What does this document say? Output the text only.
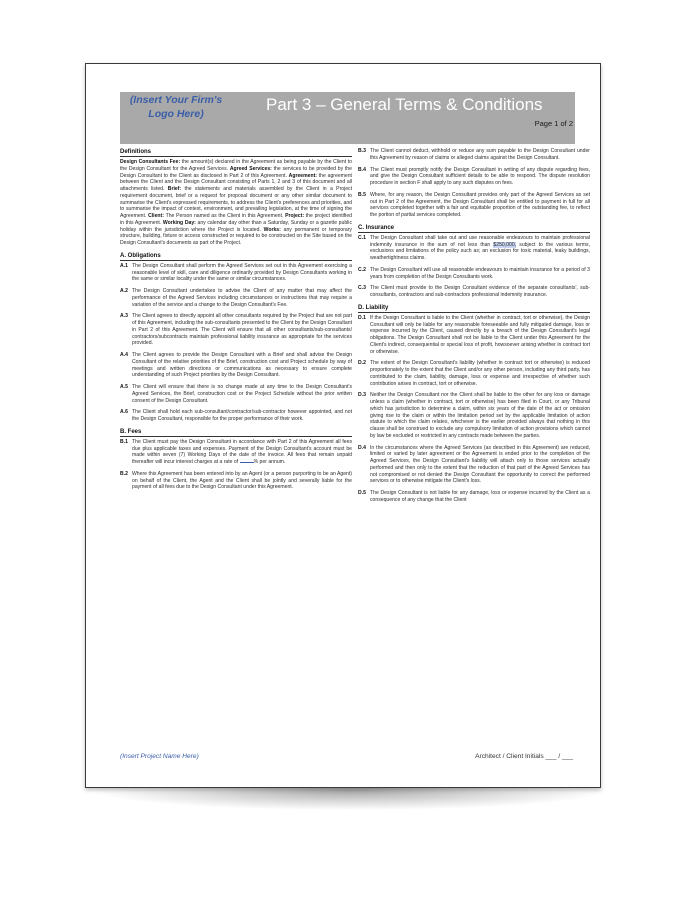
(Insert Your Firm's Logo Here)	Part 3 – General Terms & Conditions
Page 1 of 2
Definitions

Design Consultants Fee: the amount(s) declared in the Agreement as being payable by the Client to the Design Consultant for the Agreed Services. Agreed Services: the services to be provided by the Design Consultant to the Client as disclosed in Part 2 of this Agreement. Agreement: the agreement between the Client and the Design Consultant consisting of Parts 1, 2 and 3 of this document and all attachments listed. Brief: the statements and materials assembled by the Client in a Project requirement document, brief or a request for proposal document or any other similar document to summarise the Client's expressed requirements, to address the Client's preferences and priorities, and to summarise the impact of context, environment, and prevailing legislation, at the time of signing the Agreement. Client: The Person named as the Client in this Agreement. Project: the project identified in this Agreement. Working Day: any calendar day other than a Saturday, Sunday or a gazette public holiday within the jurisdiction where the Project is located. Works: any permanent or temporary structure, building, fixture or access constructed or required to be constructed on the Site based on the Design Consultant's documents as part of the Project.

A. Obligations
A.1 The Design Consultant shall perform the Agreed Services set out in this Agreement exercising a reasonable level of skill, care and diligence ordinarily provided by Design Consultants working in the same or similar locality under the same or similar circumstances.
A.2 The Design Consultant undertakes to advise the Client of any matter that may affect the performance of the Agreed Services including circumstances or instructions that may require a variation of the service and a change to the Design Consultant's Fee.
A.3 The Client agrees to directly appoint all other consultants required by the Project that are not part of this Agreement, including the sub-consultants presented to the Client by the Design Consultant in Part 2 of this Agreement. The Client will ensure that all other consultants/sub-consultants/ contractors/subcontracts maintain professional liability insurance as appropriate for the services provided.
A.4 The Client agrees to provide the Design Consultant with a Brief and shall advise the Design Consultant of the relative priorities of the Brief, construction cost and Project schedule by way of meetings and written directions or communications as necessary to ensure complete understanding of such Project priorities by the Design Consultant.
A.5 The Client will ensure that there is no change made at any time to the Design Consultant's Agreed Services, the Brief, construction cost or the Project Schedule without the prior written consent of the Design Consultant.
A.6 The Client shall hold each sub-consultant/contractor/sub-contractor however appointed, and not the Design Consultant, responsible for the proper performance of their work.
B. Fees
B.1 The Client must pay the Design Consultant in accordance with Part 2 of this Agreement all fees due plus applicable taxes and expenses. Payment of the Design Consultant's account must be made within seven (7) Working Days of the date of the invoice. All fees that remain unpaid thereafter will incur interest charges at a rate of	% per annum.
B.2 Where this Agreement has been entered into by an Agent (or a person purporting to be an Agent) on behalf of the Client, the Agent and the Client shall be jointly and severally liable for the payment of all fees due to the Design Consultant under this Agreement.
B.3 The Client cannot deduct, withhold or reduce any sum payable to the Design Consultant under this Agreement by reason of claims or alleged claims against the Design Consultant.
B.4 The Client must promptly notify the Design Consultant in writing of any dispute regarding fees, and give the Design Consultant sufficient details to be able to respond. The dispute resolution procedure in section F shall apply to any such disputes on fees.
B.5 Where, for any reason, the Design Consultant provides only part of the Agreed Services as set out in Part 2 of the Agreement, the Design Consultant shall be entitled to payment in full for all services completed together with a fair and equitable proportion of the outstanding fee, to reflect the portion of partial services completed.
C. Insurance
C.1 The Design Consultant shall take out and use reasonable endeavours to maintain professional indemnity insurance in the sum of not less than $250,000, subject to the various terms, exclusions and limitations of the policy such as; an exclusion for toxic material, leaky buildings, weathertightness claims.
C.2 The Design Consultant will use all reasonable endeavours to maintain insurance for a period of 3 years from completion of the Design Consultants work.
C.3 The Client must provide to the Design Consultant evidence of the separate consultants', sub-consultants, contractors and sub-contractors professional indemnity insurance.
D. Liability
D.1 If the Design Consultant is liable to the Client (whether in contract, tort or otherwise), the Design Consultant will only be liable for any reasonable foreseeable and fully mitigated damage, loss or expense incurred by the Client, caused directly by a breach of the Design Consultant's legal obligations. The Design Consultant shall not be liable to the Client under this Agreement for the Client's indirect, consequential or special loss of profit, howsoever arising whether in contract tort or otherwise.
D.2 The extent of the Design Consultant's liability (whether in contract tort or otherwise) is reduced proportionately to the extent that the Client and/or any other person, including any third party, has contributed to the claim, liability, damage, loss or expense and irrespective of whether such contribution arises in contract, tort or otherwise.
D.3 Neither the Design Consultant nor the Client shall be liable to the other for any loss or damage unless a claim (whether in contract, tort or otherwise) has been filed in Court, or any Tribunal which has jurisdiction to determine a claim, within six years of the date of the act or omission giving rise to the claim or within the limitation period set by the applicable limitation of action statute to which the claim relates, whichever is the earlier provided always that nothing in this clause shall be construed to exclude any compulsory limitation of action provisions which cannot by law be excluded or restricted in any contracts made between the parties.
D.4 In the circumstances where the Agreed Services (as described in this Agreement) are reduced, limited or varied by later agreement or the Agreement is ended prior to the completion of the Agreed Services, the Design Consultant's liability will attach only to those services actually performed and then only to the extent that the reduction of that part of the Agreed Services has not compromised or not denied the Design Consultant the opportunity to correct the performed services or to otherwise mitigate the Client's loss.
D.5 The Design Consultant is not liable for any damage, loss or expense incurred by the Client as a consequence of any change that the Client
(Insert Project Name Here)	Architect / Client Initials ___ / ___
